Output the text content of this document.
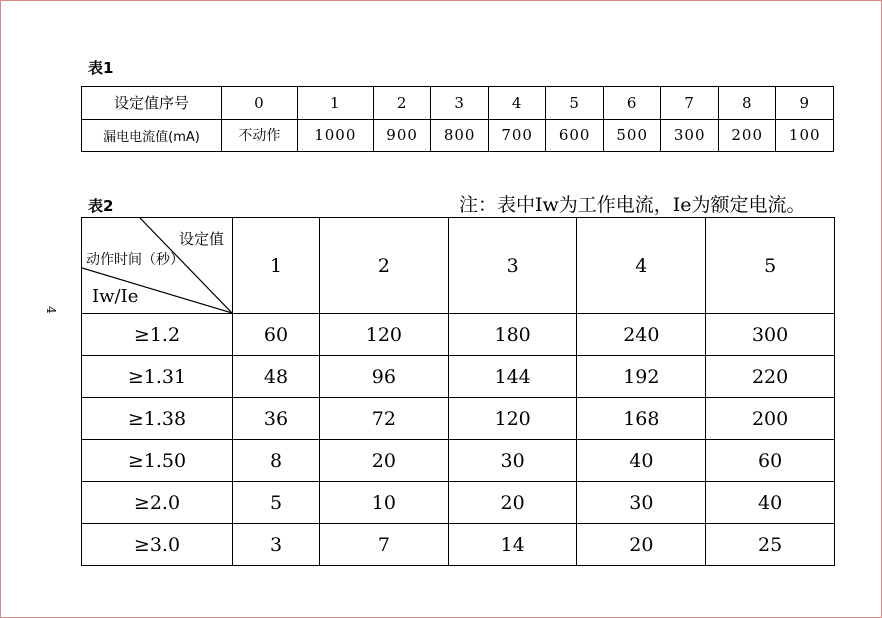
4
表1
设定值序号	0	1	2	3	4	5	6	7	8	9
漏电电流值(mA)	不动作	1000	900	800	700	600	500	300	200	100
表2	注：表中Iw为工作电流，Ie为额定电流。
设定值
动作时间（秒）
Iw/Ie	1	2	3	4	5
≥1.2	60	120	180	240	300
≥1.31	48	96	144	192	220
≥1.38	36	72	120	168	200
≥1.50	8	20	30	40	60
≥2.0	5	10	20	30	40
≥3.0	3	7	14	20	25
